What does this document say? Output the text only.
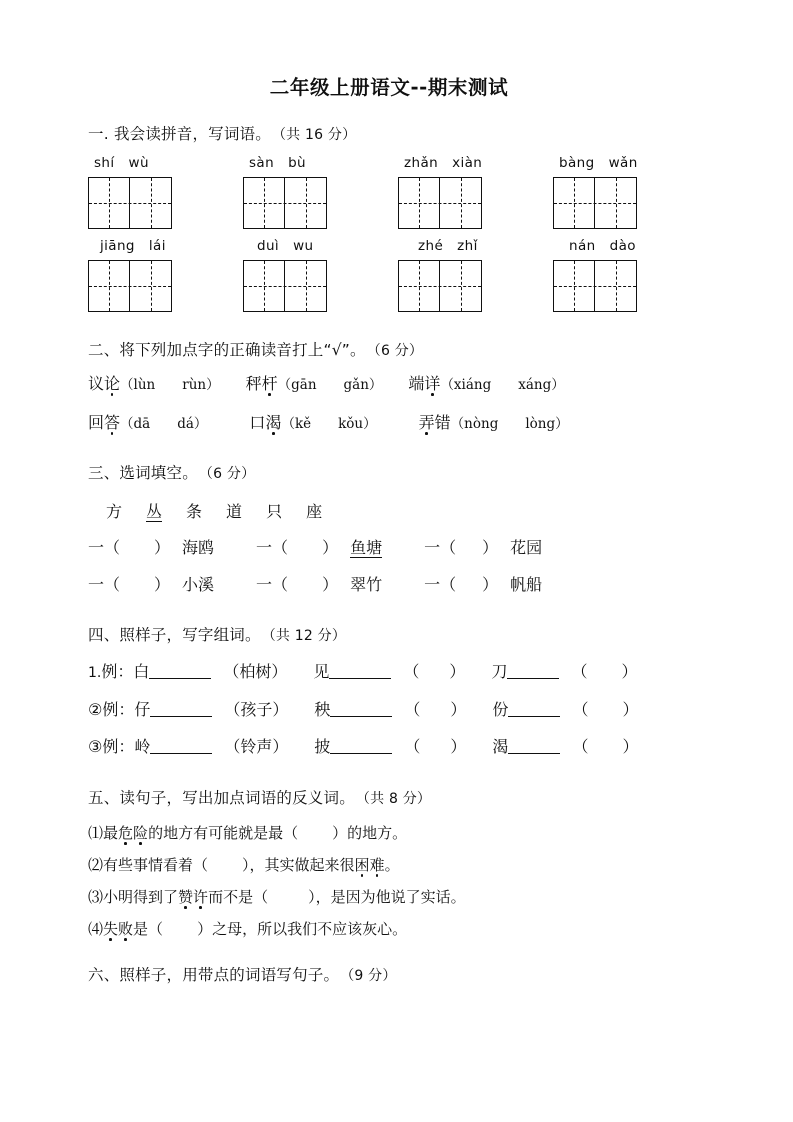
二年级上册语文--期末测试
一. 我会读拼音，写词语。 （共 16 分）
shí wù	sàn bù	zhǎn xiàn	bàng wǎn
jiāng lái	duì wu	zhé zhǐ	nán dào
二、将下列加点字的正确读音打上“√”。 （6 分）
议论（lùn　　rùn） 秤杆（gān　　gǎn） 端详（xiáng　　xáng）
回答（dā　　dá）	口渴（kě　　kǒu）	弄错（nòng　　lòng）
三、选词填空。 （6 分）
方 丛 条 道 只 座
一（ ） 海鸥	一（ ） 鱼塘	一（ ） 花园
一（ ） 小溪	一（ ） 翠竹	一（ ） 帆船
四、照样子，写字组词。 （共 12 分）
1.例：白	（柏树） 见	（ ） 刀	（ ）
②例：仔	（孩子） 秧	（ ） 份	（ ）
③例：岭	（铃声） 披	（ ） 渴	（ ）
五、读句子，写出加点词语的反义词。 （共 8 分）
⑴最危险的地方有可能就是最（ ）的地方。
⑵有些事情看着（ ），其实做起来很困难。
⑶小明得到了赞许而不是（	），是因为他说了实话。
⑷失败是（ ）之母，所以我们不应该灰心。
六、照样子，用带点的词语写句子。 （9 分）
